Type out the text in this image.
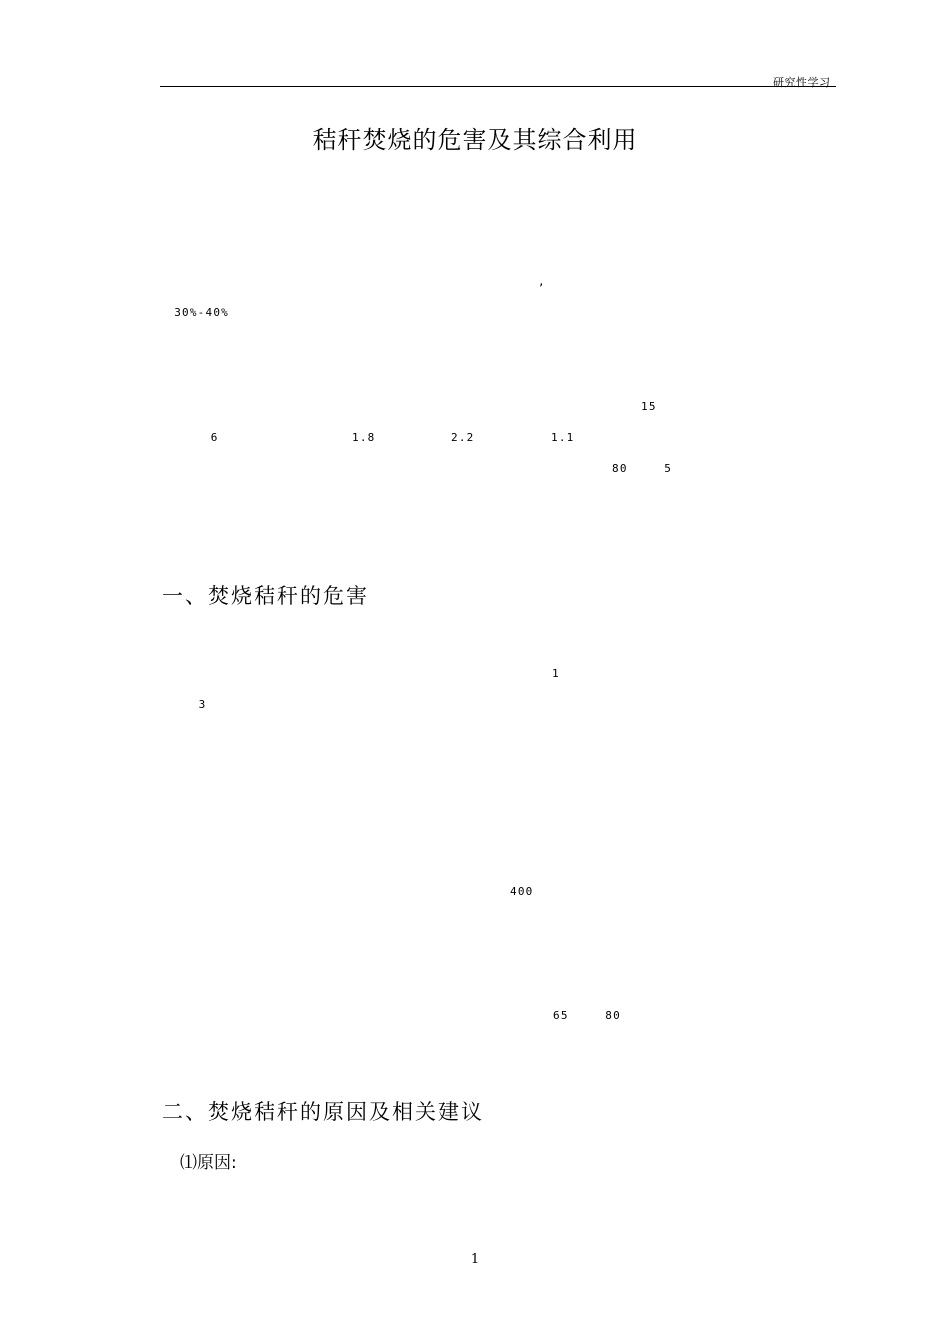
研究性学习
秸秆焚烧的危害及其综合利用

,　　　　　　　　　　　　　　　　　　　　　　
　30%-40%　　　　　　　　　　

15　　　　　　　　　　　　
　　　　6　　　　　　　　　　 1.8　　　　　 2.2　　　　　 1.1　　　　　　　　　　　　　　　　　　

80　　　5　　　　　　　　　　

一、焚烧秸秆的危害

1　　　　　　　

　　　3　　　　　　　　　　　　　　　　　　　　　　　　　　　　　　　　　　　　　　　　　　　

400　　　

65　　　80　　　　　　　　

二、焚烧秸秆的原因及相关建议
⑴原因:

1
